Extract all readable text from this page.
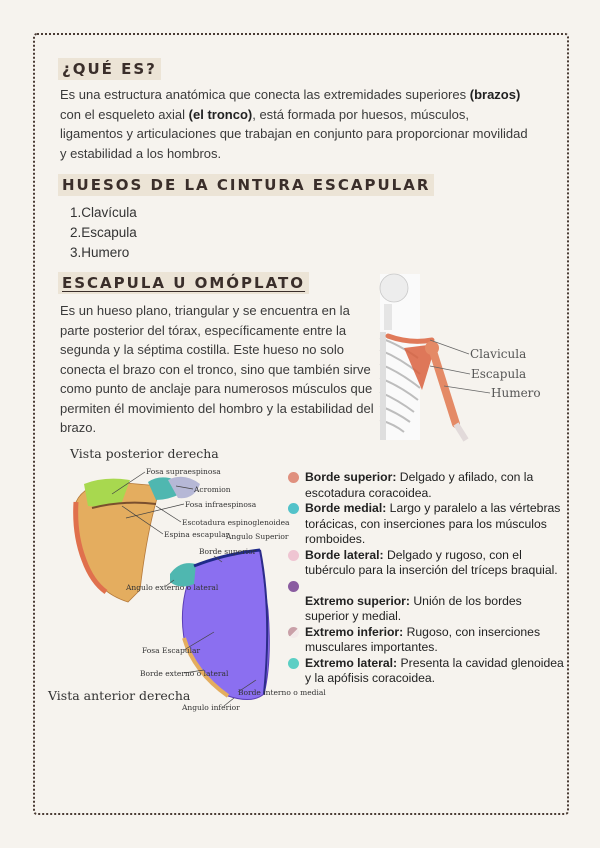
¿QUÉ ES?
Es una estructura anatómica que conecta las extremidades superiores (brazos) con el esqueleto axial (el tronco), está formada por huesos, músculos, ligamentos y articulaciones que trabajan en conjunto para proporcionar movilidad y estabilidad a los hombros.
HUESOS DE LA CINTURA ESCAPULAR
1.Clavícula
2.Escapula
3.Humero
ESCAPULA U OMÓPLATO
Es un hueso plano, triangular y se encuentra en la parte posterior del tórax, específicamente entre la segunda y la séptima costilla. Este hueso no solo conecta el brazo con el tronco, sino que también sirve como punto de anclaje para numerosos músculos que permiten él movimiento del hombro y la estabilidad del brazo.
Clavicula
Escapula
Humero
Vista posterior derecha
Fosa supraespinosa
Acromion
Fosa infraespinosa
Escotadura espinoglenoidea
Espina escapular
Angulo Superior
Borde superior
Angulo externo o lateral
Fosa Escapular
Borde externo o lateral
Borde interno o medial
Angulo inferior
Vista anterior derecha
Borde superior: Delgado y afilado, con la escotadura coracoidea.
Borde medial: Largo y paralelo a las vértebras torácicas, con inserciones para los músculos romboides.
Borde lateral: Delgado y rugoso, con el tubérculo para la inserción del tríceps braquial.
Extremo superior: Unión de los bordes superior y medial.
Extremo inferior: Rugoso, con inserciones musculares importantes.
Extremo lateral: Presenta la cavidad glenoidea y la apófisis coracoidea.
